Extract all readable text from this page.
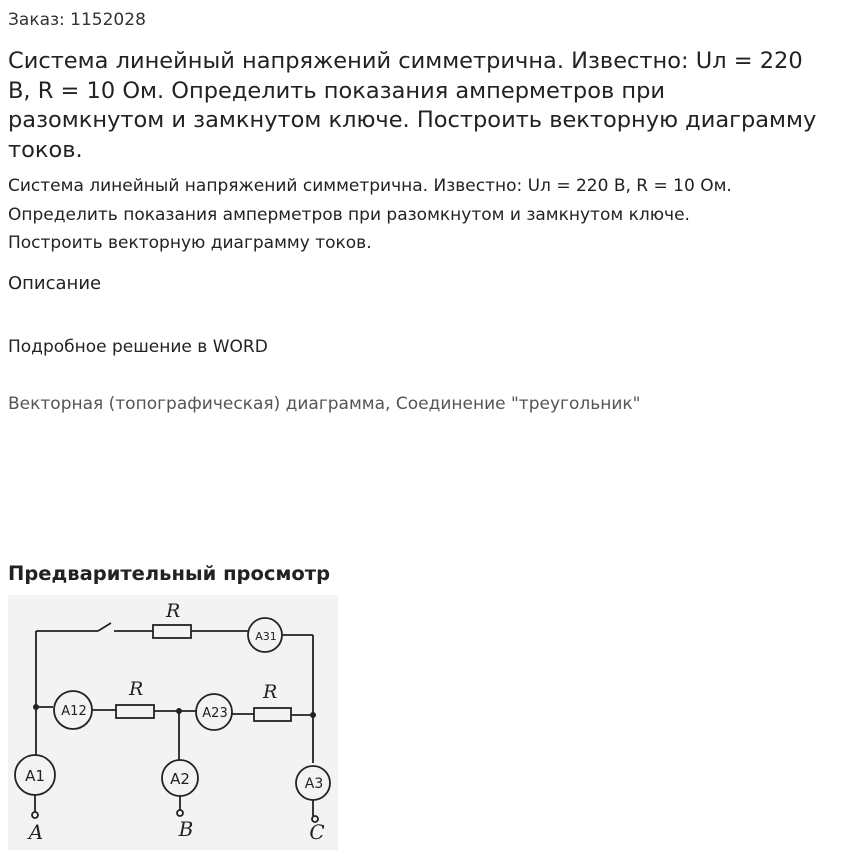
Заказ: 1152028
Система линейный напряжений симметрична. Известно: Uл = 220 В, R = 10 Ом. Определить показания амперметров при разомкнутом и замкнутом ключе. Построить векторную диаграмму токов.
Система линейный напряжений симметрична. Известно: Uл = 220 В, R = 10 Ом.
Определить показания амперметров при разомкнутом и замкнутом ключе.
Построить векторную диаграмму токов.
Описание
Подробное решение в WORD
Векторная (топографическая) диаграмма, Соединение "треугольник"
Предварительный просмотр
R
R	R
A31
A12	A23
A1	A2	A3
A	B	C
